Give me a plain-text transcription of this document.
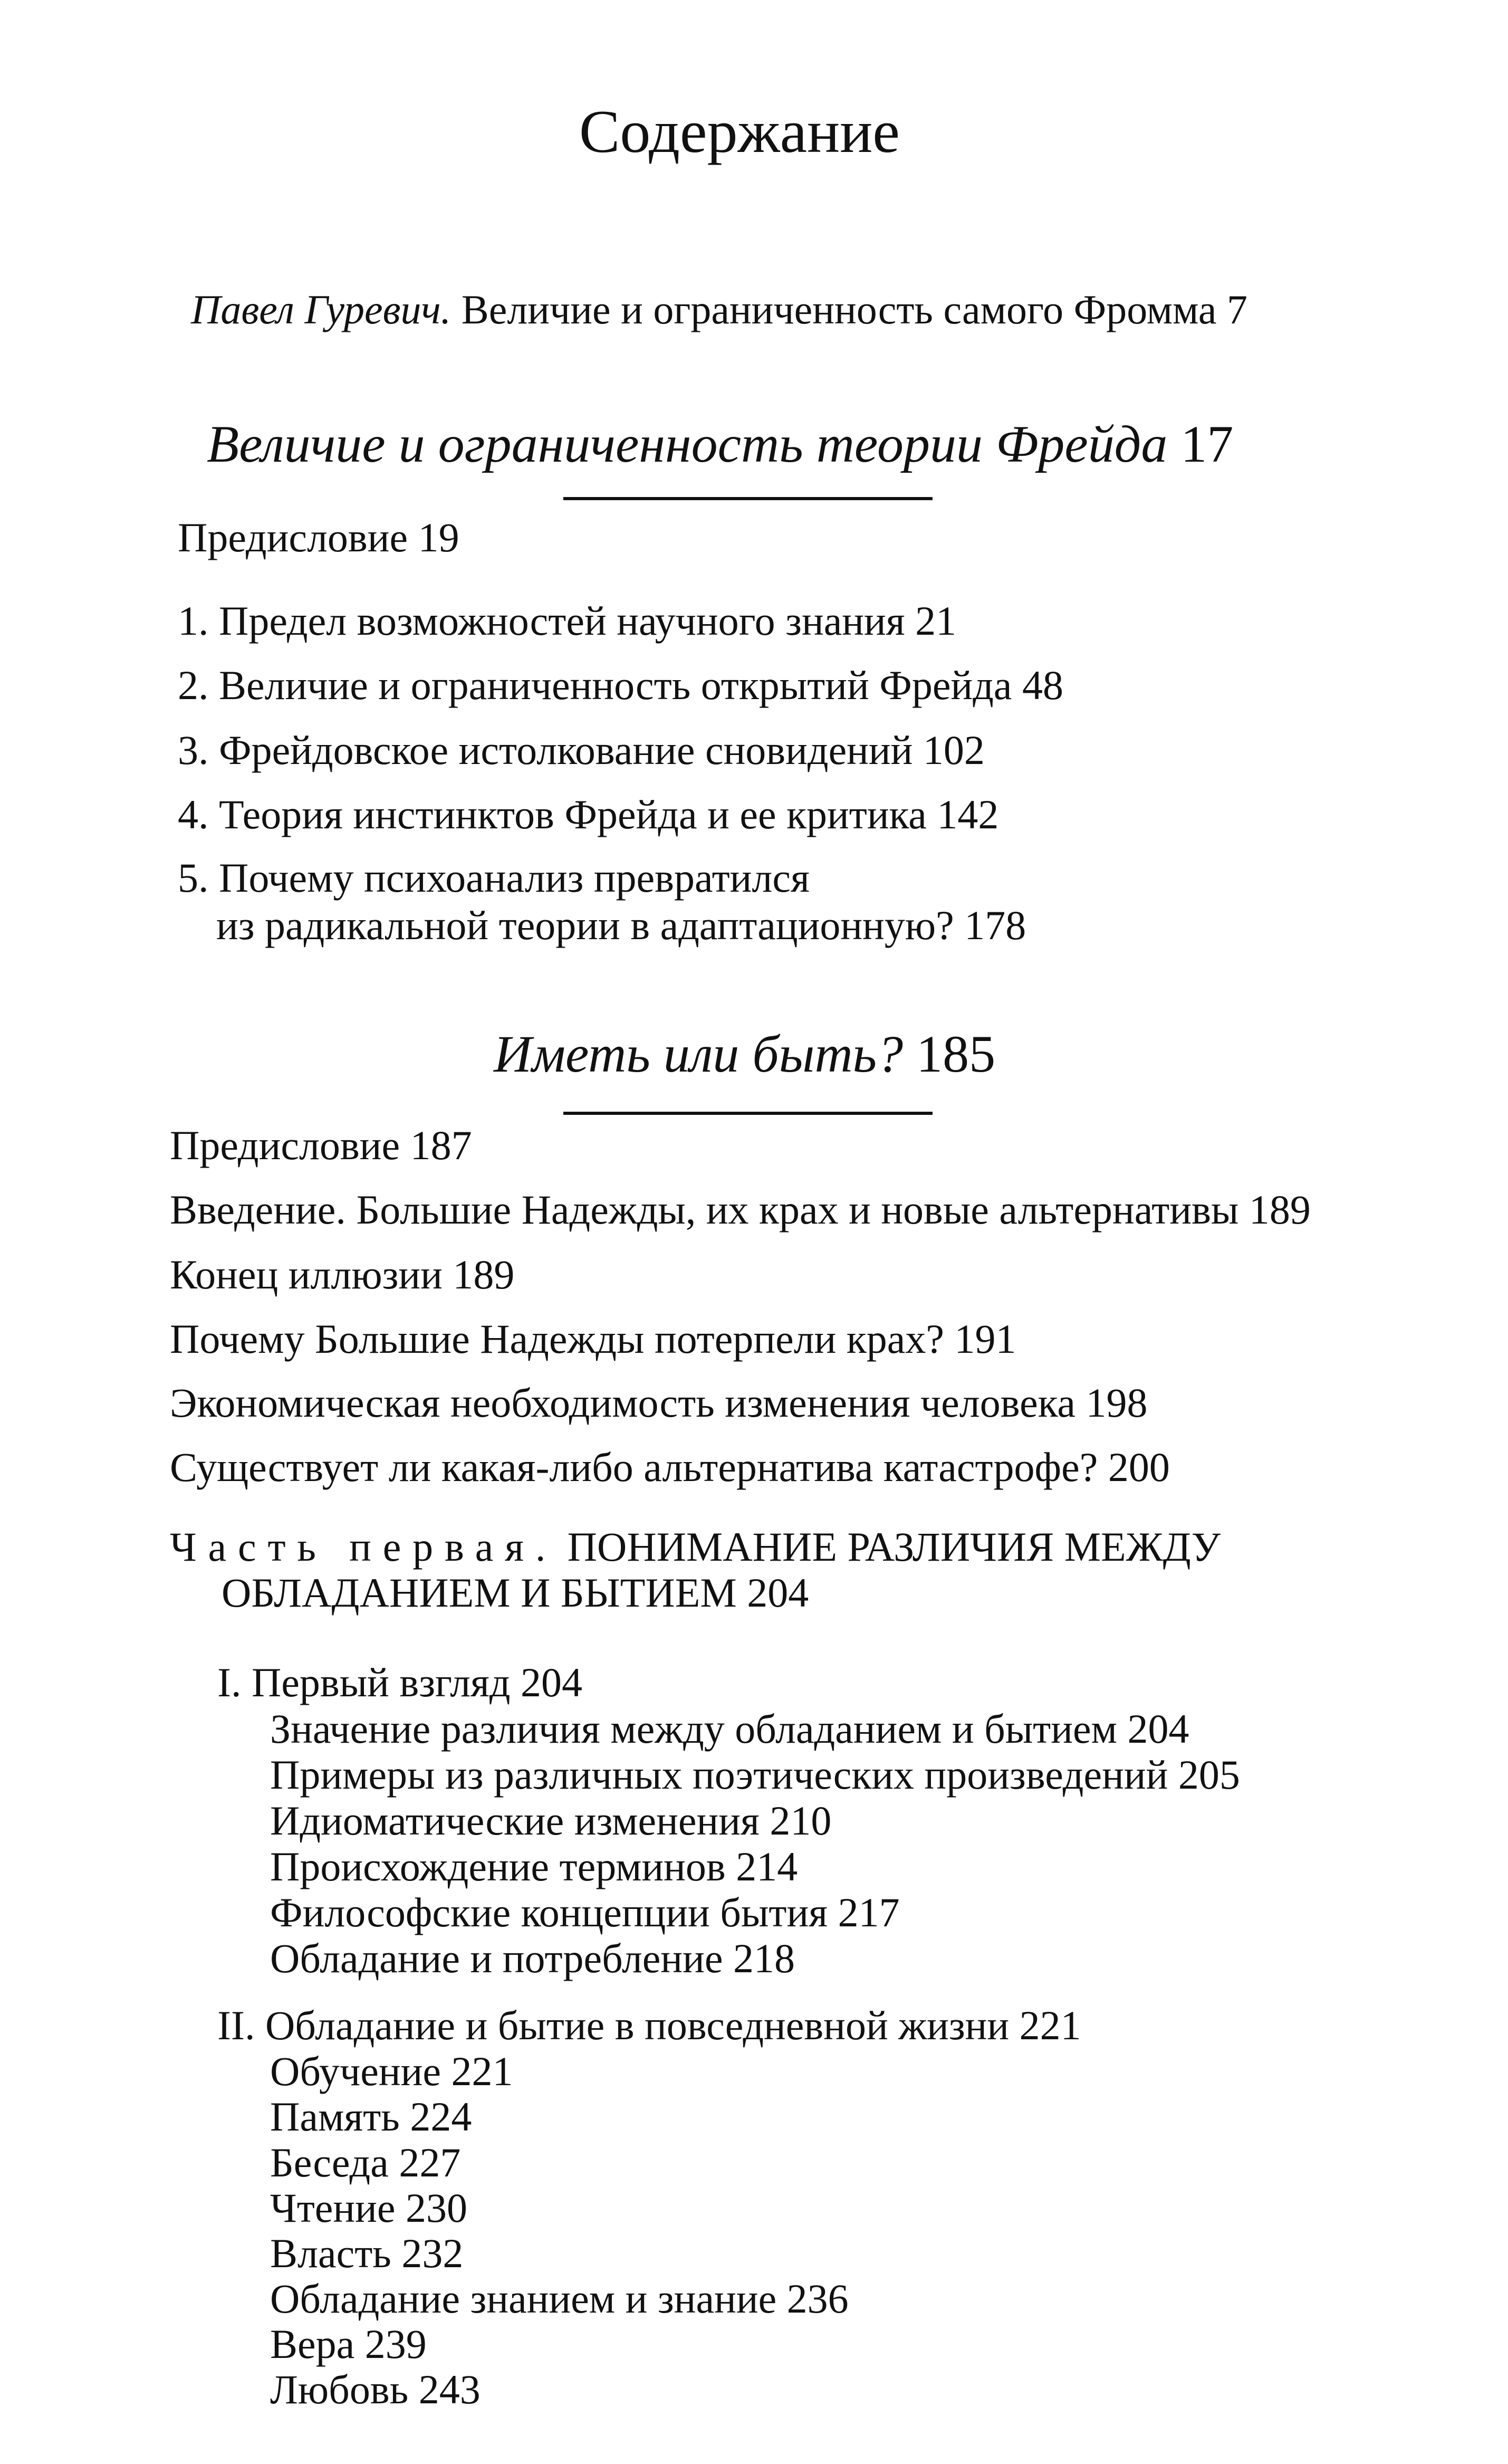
Содержание
Павел Гуревич. Величие и ограниченность самого Фромма 7
Величие и ограниченность теории Фрейда 17
Предисловие 19
1. Предел возможностей научного знания 21
2. Величие и ограниченность открытий Фрейда 48
3. Фрейдовское истолкование сновидений 102
4. Теория инстинктов Фрейда и ее критика 142
5. Почему психоанализ превратился
из радикальной теории в адаптационную? 178
Иметь или быть? 185
Предисловие 187
Введение. Большие Надежды, их крах и новые альтернативы 189
Конец иллюзии 189
Почему Большие Надежды потерпели крах? 191
Экономическая необходимость изменения человека 198
Существует ли какая-либо альтернатива катастрофе? 200
Часть первая. ПОНИМАНИЕ РАЗЛИЧИЯ МЕЖДУ
ОБЛАДАНИЕМ И БЫТИЕМ 204
I. Первый взгляд 204
Значение различия между обладанием и бытием 204
Примеры из различных поэтических произведений 205
Идиоматические изменения 210
Происхождение терминов 214
Философские концепции бытия 217
Обладание и потребление 218
II. Обладание и бытие в повседневной жизни 221
Обучение 221
Память 224
Беседа 227
Чтение 230
Власть 232
Обладание знанием и знание 236
Вера 239
Любовь 243
